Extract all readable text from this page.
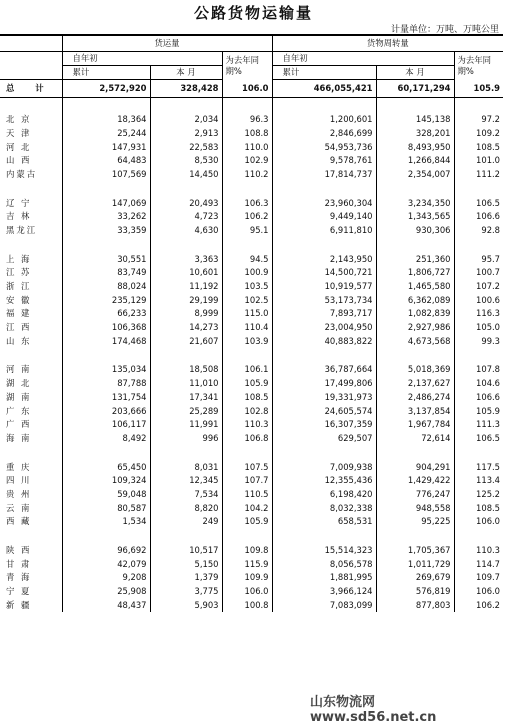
公路货物运输量
计量单位：万吨、万吨公里
	货运量			货物周转量		
	自年初		为去年同期%	自年初		为去年同期%
	累计	本 月		累计	本 月	
总 计	2,572,920	328,428	106.0	466,055,421	60,171,294	105.9

北 京	18,364	2,034	96.3	1,200,601	145,138	97.2
天 津	25,244	2,913	108.8	2,846,699	328,201	109.2
河 北	147,931	22,583	110.0	54,953,736	8,493,950	108.5
山 西	64,483	8,530	102.9	9,578,761	1,266,844	101.0
内蒙古	107,569	14,450	110.2	17,814,737	2,354,007	111.2

辽 宁	147,069	20,493	106.3	23,960,304	3,234,350	106.5
吉 林	33,262	4,723	106.2	9,449,140	1,343,565	106.6
黑龙江	33,359	4,630	95.1	6,911,810	930,306	92.8

上 海	30,551	3,363	94.5	2,143,950	251,360	95.7
江 苏	83,749	10,601	100.9	14,500,721	1,806,727	100.7
浙 江	88,024	11,192	103.5	10,919,577	1,465,580	107.2
安 徽	235,129	29,199	102.5	53,173,734	6,362,089	100.6
福 建	66,233	8,999	115.0	7,893,717	1,082,839	116.3
江 西	106,368	14,273	110.4	23,004,950	2,927,986	105.0
山 东	174,468	21,607	103.9	40,883,822	4,673,568	99.3

河 南	135,034	18,508	106.1	36,787,664	5,018,369	107.8
湖 北	87,788	11,010	105.9	17,499,806	2,137,627	104.6
湖 南	131,754	17,341	108.5	19,331,973	2,486,274	106.6
广 东	203,666	25,289	102.8	24,605,574	3,137,854	105.9
广 西	106,117	11,991	110.3	16,307,359	1,967,784	111.3
海 南	8,492	996	106.8	629,507	72,614	106.5

重 庆	65,450	8,031	107.5	7,009,938	904,291	117.5
四 川	109,324	12,345	107.7	12,355,436	1,429,422	113.4
贵 州	59,048	7,534	110.5	6,198,420	776,247	125.2
云 南	80,587	8,820	104.2	8,032,338	948,558	108.5
西 藏	1,534	249	105.9	658,531	95,225	106.0

陕 西	96,692	10,517	109.8	15,514,323	1,705,367	110.3
甘 肃	42,079	5,150	115.9	8,056,578	1,011,729	114.7
青 海	9,208	1,379	109.9	1,881,995	269,679	109.7
宁 夏	25,908	3,775	106.0	3,966,124	576,819	106.0
新 疆	48,437	5,903	100.8	7,083,099	877,803	106.2
山东物流网 www.sd56.net.cn
